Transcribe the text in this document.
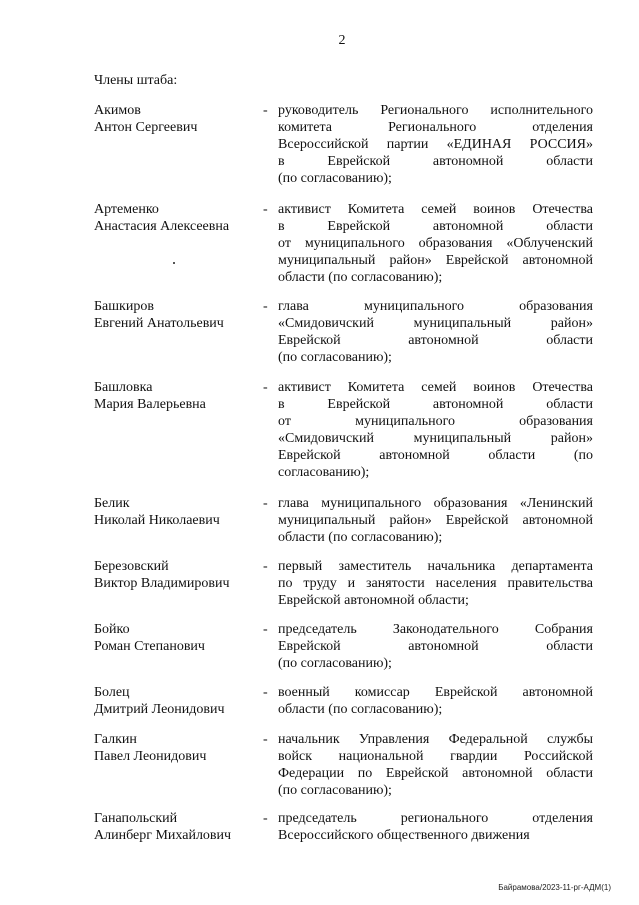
2
Члены штаба:
Акимов
Антон Сергеевич
- руководитель Регионального исполнительного
комитета Регионального отделения
Всероссийской партии «ЕДИНАЯ РОССИЯ»
в Еврейской автономной области
(по согласованию);
Артеменко
Анастасия Алексеевна
- активист Комитета семей воинов Отечества
в Еврейской автономной области
от муниципального образования «Облученский
муниципальный район» Еврейской автономной
области (по согласованию);
Башкиров
Евгений Анатольевич
- глава муниципального образования
«Смидовичский муниципальный район»
Еврейской автономной области
(по согласованию);
Башловка
Мария Валерьевна
- активист Комитета семей воинов Отечества
в Еврейской автономной области
от муниципального образования
«Смидовичский муниципальный район»
Еврейской автономной области (по
согласованию);
Белик
Николай Николаевич
- глава муниципального образования «Ленинский
муниципальный район» Еврейской автономной
области (по согласованию);
Березовский
Виктор Владимирович
- первый заместитель начальника департамента
по труду и занятости населения правительства
Еврейской автономной области;
Бойко
Роман Степанович
- председатель Законодательного Собрания
Еврейской автономной области
(по согласованию);
Болец
Дмитрий Леонидович
- военный комиссар Еврейской автономной
области (по согласованию);
Галкин
Павел Леонидович
- начальник Управления Федеральной службы
войск национальной гвардии Российской
Федерации по Еврейской автономной области
(по согласованию);
Ганапольский
Алинберг Михайлович
- председатель регионального отделения
Всероссийского общественного движения
Байрамова/2023-11-рг-АДМ(1)
